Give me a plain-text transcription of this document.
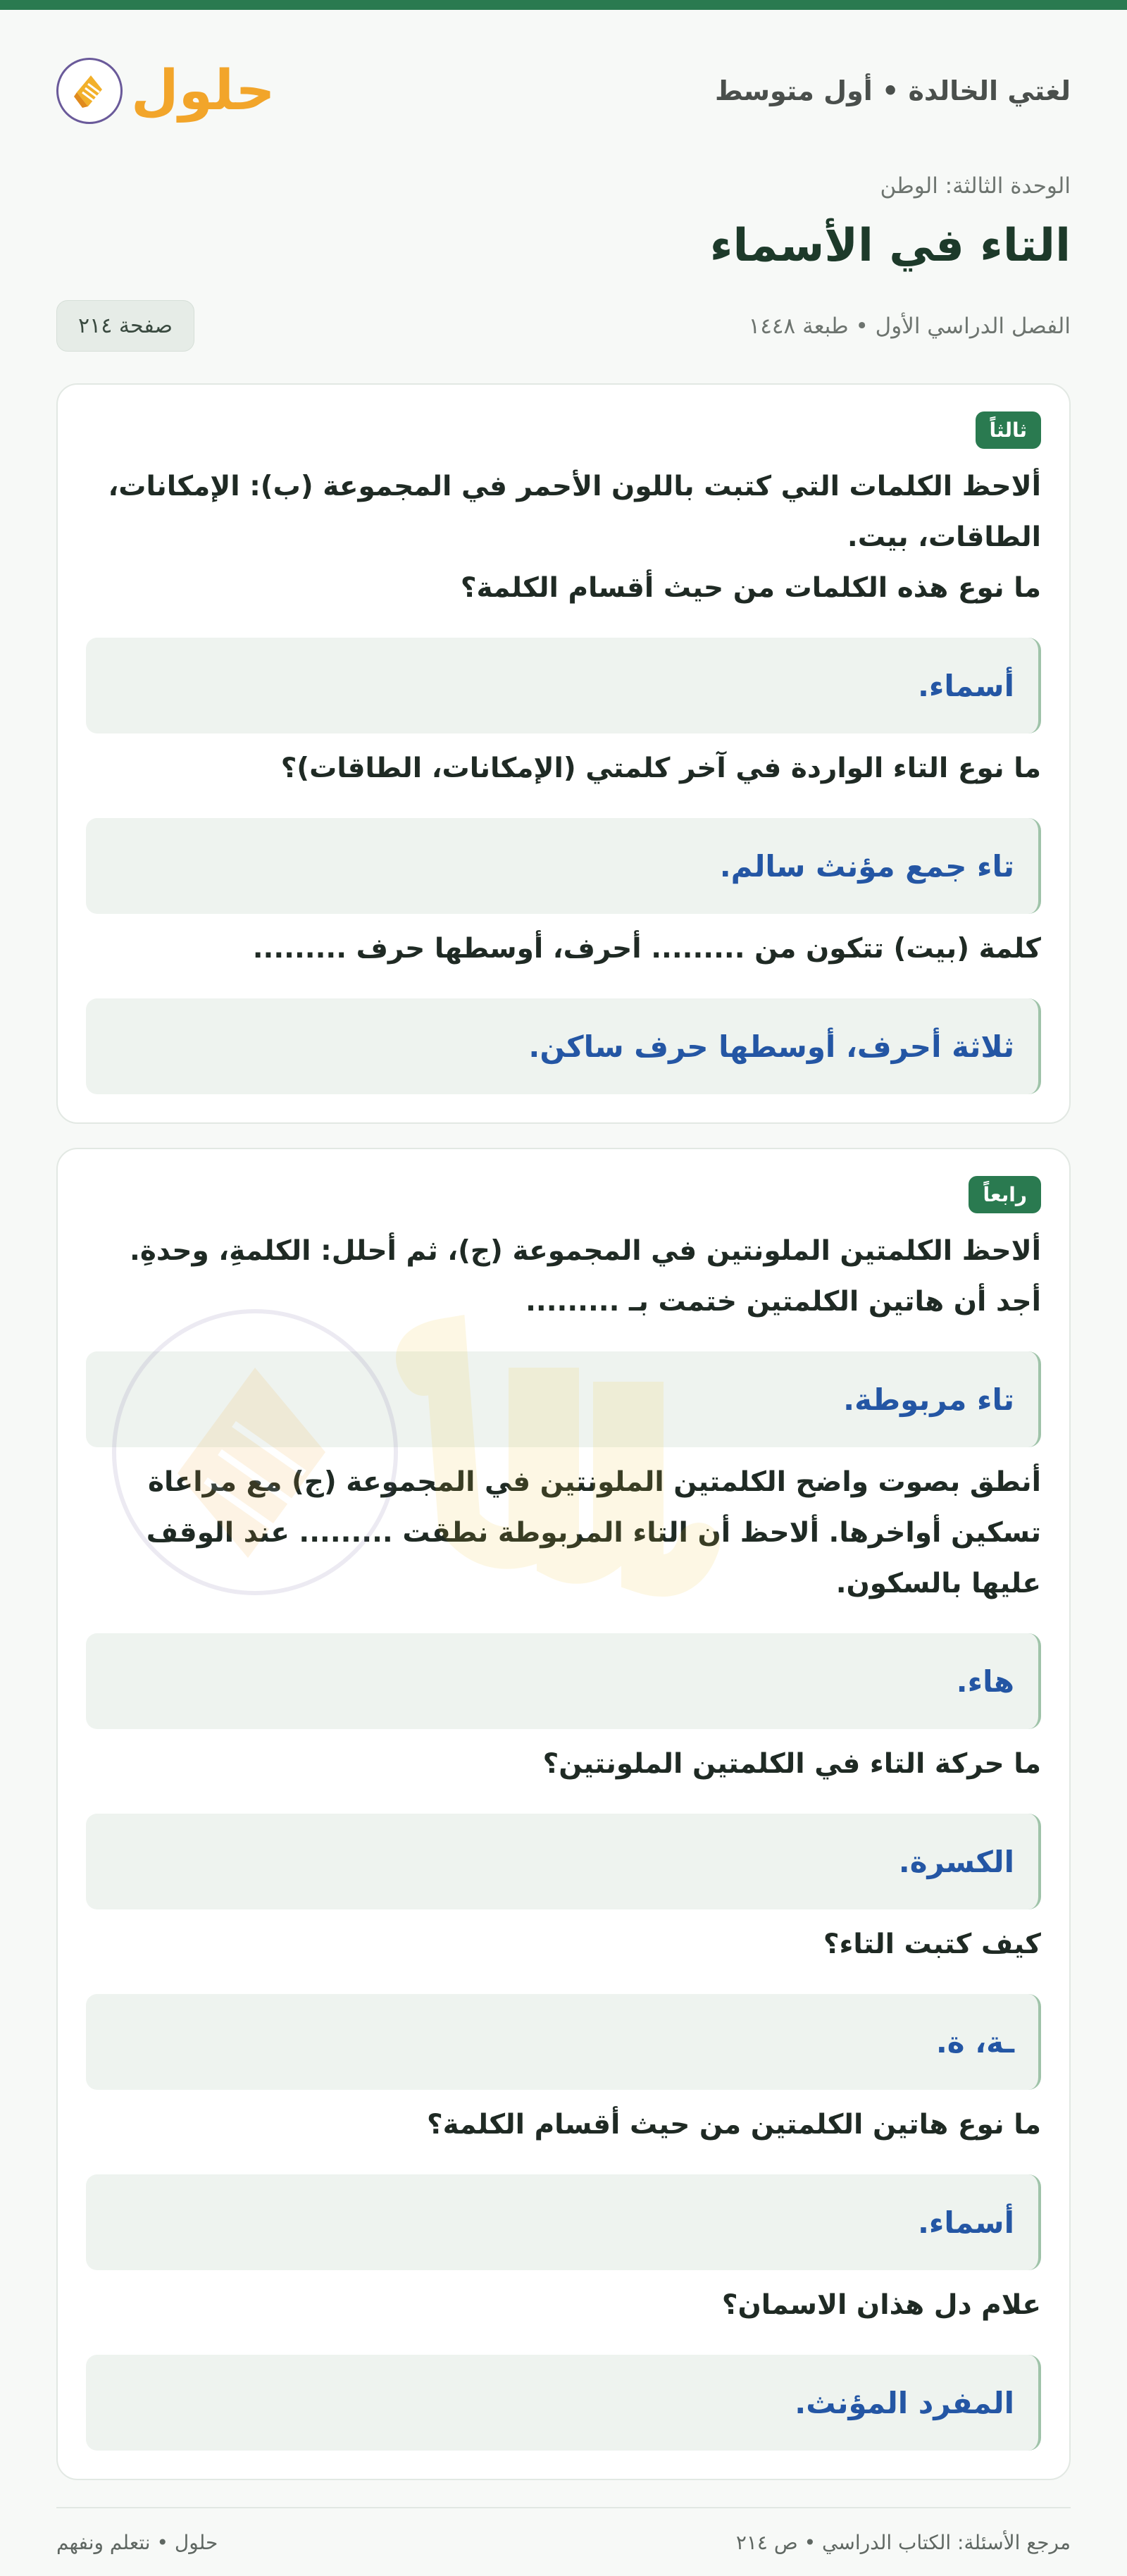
لغتي الخالدة • أول متوسط
حلول
الوحدة الثالثة: الوطن
التاء في الأسماء
الفصل الدراسي الأول • طبعة ١٤٤٨
صفحة ٢١٤
ثالثاً
ألاحظ الكلمات التي كتبت باللون الأحمر في المجموعة (ب): الإمكانات، الطاقات، بيت.
ما نوع هذه الكلمات من حيث أقسام الكلمة؟
أسماء.
ما نوع التاء الواردة في آخر كلمتي (الإمكانات، الطاقات)؟
تاء جمع مؤنث سالم.
كلمة (بيت) تتكون من ......... أحرف، أوسطها حرف .........
ثلاثة أحرف، أوسطها حرف ساكن.
رابعاً
ألاحظ الكلمتين الملونتين في المجموعة (ج)، ثم أحلل: الكلمةِ، وحدةِ.
أجد أن هاتين الكلمتين ختمت بـ .........
تاء مربوطة.
أنطق بصوت واضح الكلمتين الملونتين في المجموعة (ج) مع مراعاة تسكين أواخرها. ألاحظ أن التاء المربوطة نطقت ......... عند الوقف عليها بالسكون.
هاء.
ما حركة التاء في الكلمتين الملونتين؟
الكسرة.
كيف كتبت التاء؟
ـة، ة.
ما نوع هاتين الكلمتين من حيث أقسام الكلمة؟
أسماء.
علام دل هذان الاسمان؟
المفرد المؤنث.
مرجع الأسئلة: الكتاب الدراسي • ص ٢١٤
حلول • نتعلم ونفهم
